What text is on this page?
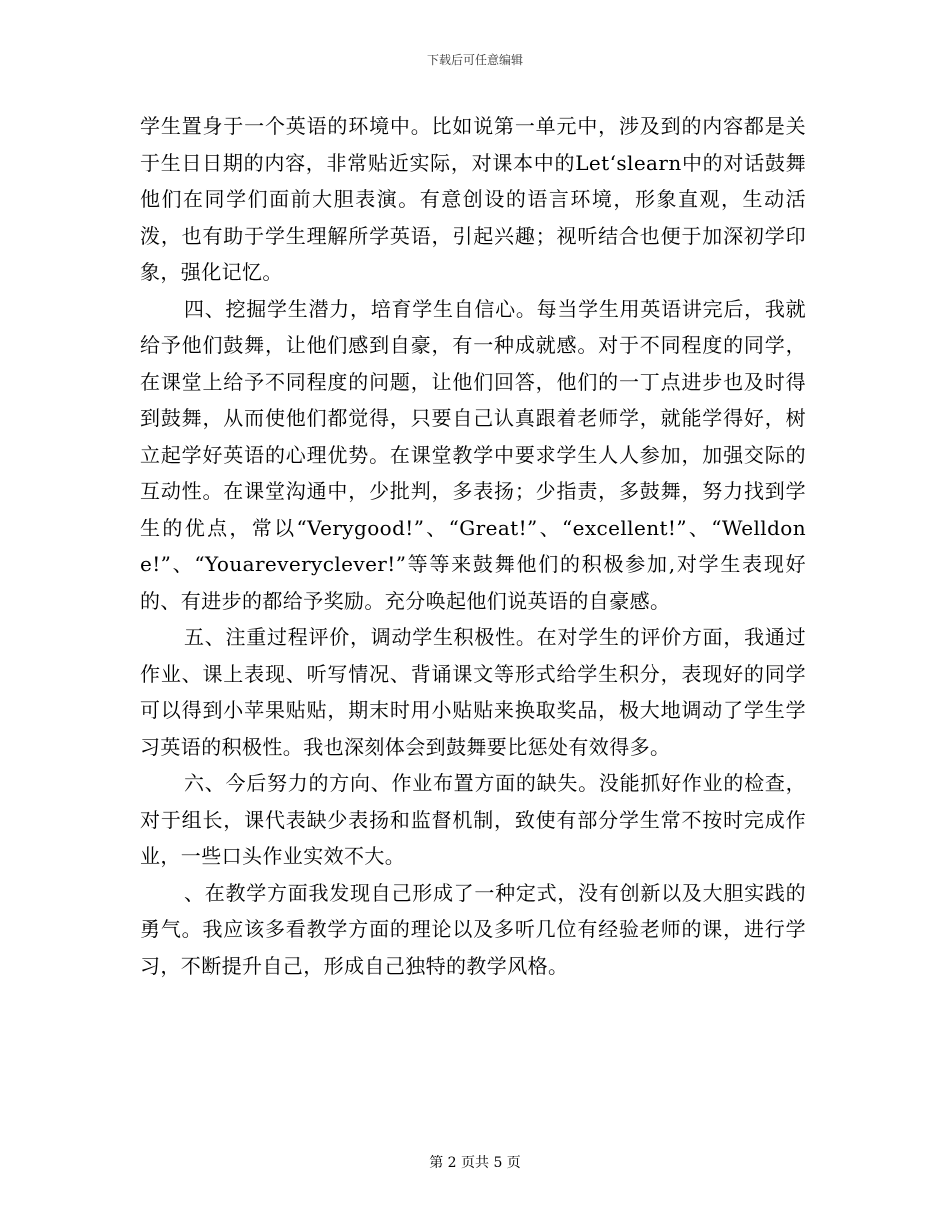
下载后可任意编辑

学生置身于一个英语的环境中。比如说第一单元中，涉及到的内容都是关于生日日期的内容，非常贴近实际，对课本中的Let‘slearn中的对话鼓舞他们在同学们面前大胆表演。有意创设的语言环境，形象直观，生动活泼，也有助于学生理解所学英语，引起兴趣；视听结合也便于加深初学印象，强化记忆。

四、挖掘学生潜力，培育学生自信心。每当学生用英语讲完后，我就给予他们鼓舞，让他们感到自豪，有一种成就感。对于不同程度的同学，在课堂上给予不同程度的问题，让他们回答，他们的一丁点进步也及时得到鼓舞，从而使他们都觉得，只要自己认真跟着老师学，就能学得好，树立起学好英语的心理优势。在课堂教学中要求学生人人参加，加强交际的互动性。在课堂沟通中，少批判，多表扬；少指责，多鼓舞，努力找到学生的优点，常以“Verygood!”、“Great!”、“excellent!”、“Welldone!”、“Youareveryclever!”等等来鼓舞他们的积极参加,对学生表现好的、有进步的都给予奖励。充分唤起他们说英语的自豪感。

五、注重过程评价，调动学生积极性。在对学生的评价方面，我通过作业、课上表现、听写情况、背诵课文等形式给学生积分，表现好的同学可以得到小苹果贴贴，期末时用小贴贴来换取奖品，极大地调动了学生学习英语的积极性。我也深刻体会到鼓舞要比惩处有效得多。

六、今后努力的方向、作业布置方面的缺失。没能抓好作业的检查，对于组长，课代表缺少表扬和监督机制，致使有部分学生常不按时完成作业，一些口头作业实效不大。

、在教学方面我发现自己形成了一种定式，没有创新以及大胆实践的勇气。我应该多看教学方面的理论以及多听几位有经验老师的课，进行学习，不断提升自己，形成自己独特的教学风格。

第 2 页共 5 页
